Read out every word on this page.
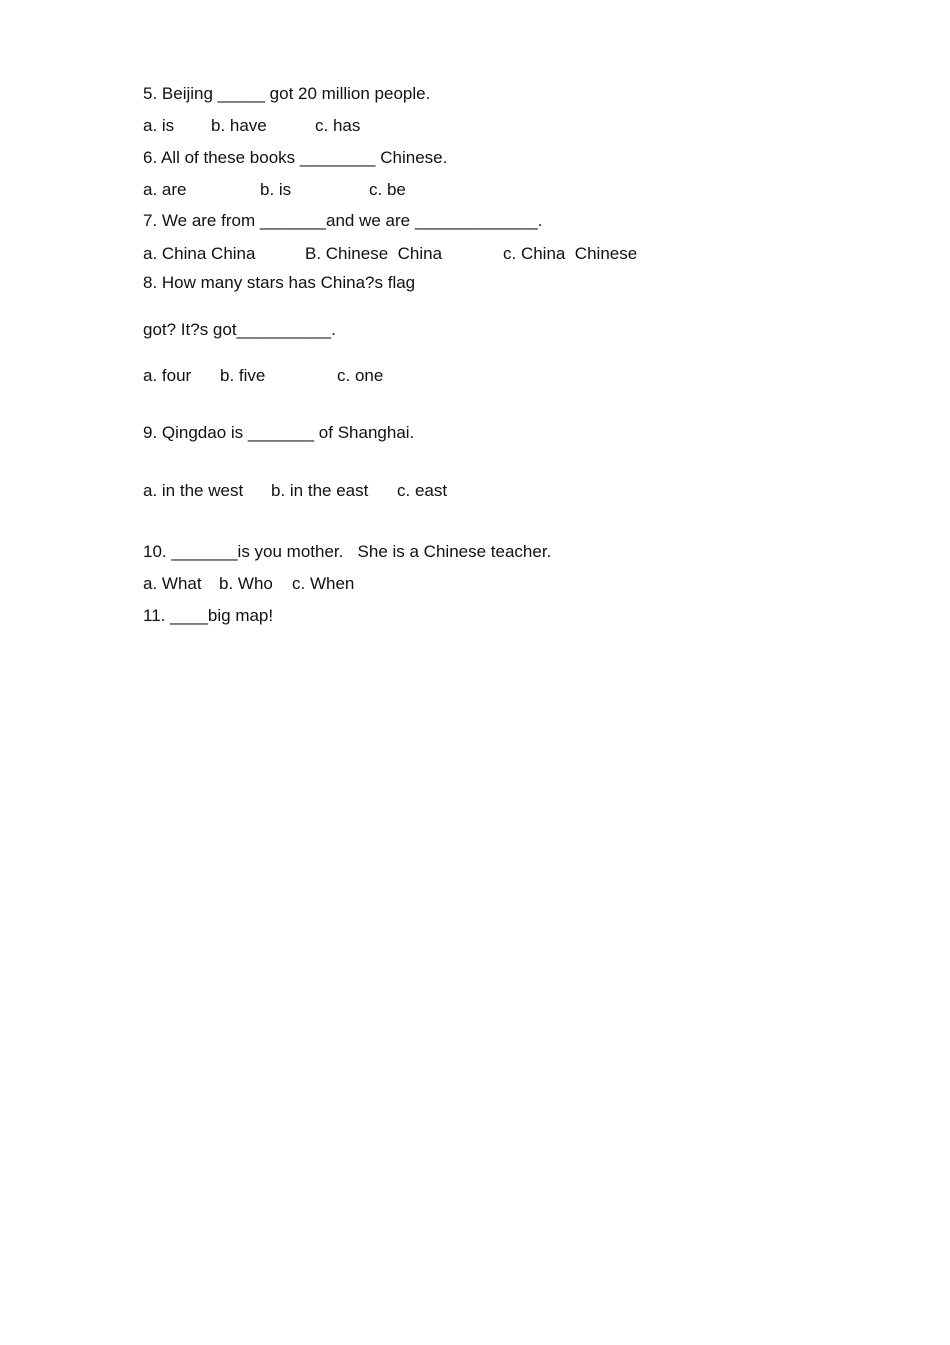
5. Beijing _____ got 20 million people.

a. is

b. have

	c. has

6. All of these books ________ Chinese.

a. are

	b. is

	c. be

7. We are from _______and we are _____________.

a. China China

	B. Chinese  China

	c. China  Chinese

8. How many stars has China?s flag
got? It?s got__________.

a. four

b. five

	c. one

9. Qingdao is _______ of Shanghai.

a. in the west

b. in the east

c. east

10. _______is you mother.   She is a Chinese teacher.

a. What

b. Who

c. When

11. ____big map!
